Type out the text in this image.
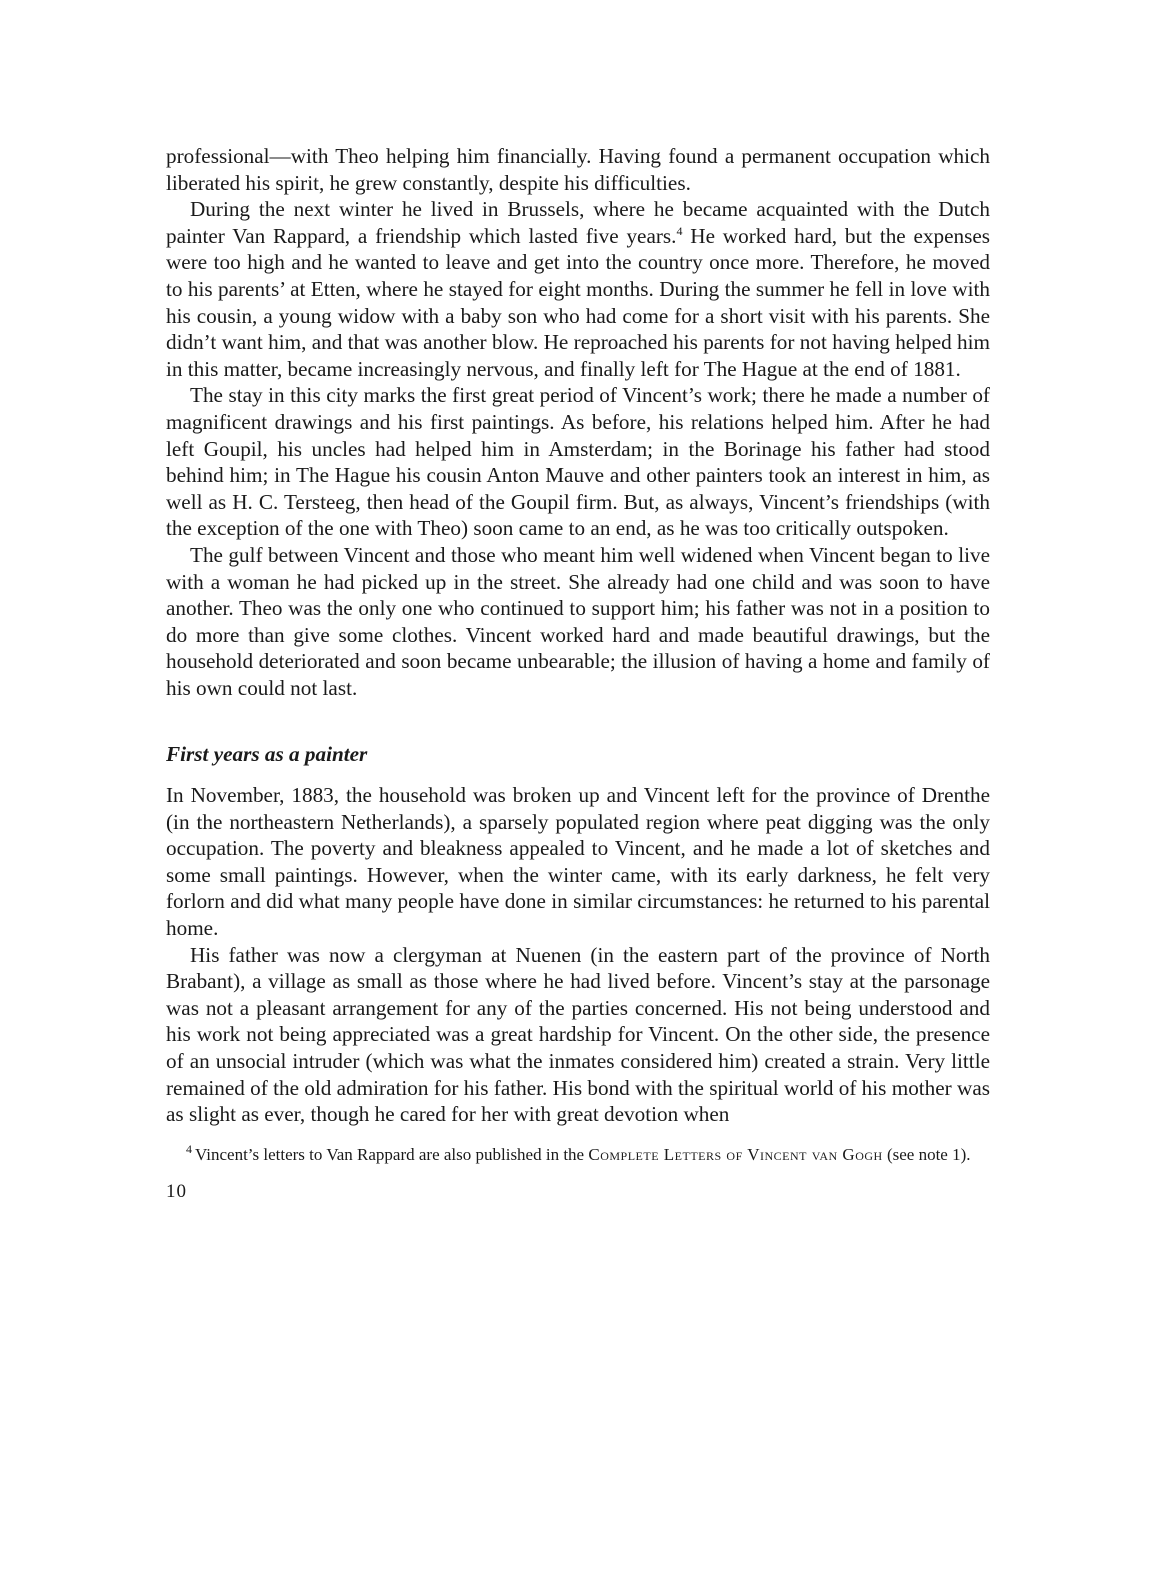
professional—with Theo helping him financially. Having found a permanent occupation which liberated his spirit, he grew constantly, despite his difficulties.

During the next winter he lived in Brussels, where he became acquainted with the Dutch painter Van Rappard, a friendship which lasted five years.$^4$ He worked hard, but the expenses were too high and he wanted to leave and get into the country once more. Therefore, he moved to his parents’ at Etten, where he stayed for eight months. During the summer he fell in love with his cousin, a young widow with a baby son who had come for a short visit with his parents. She didn’t want him, and that was another blow. He reproached his parents for not having helped him in this matter, became increasingly nervous, and finally left for The Hague at the end of 1881.

The stay in this city marks the first great period of Vincent’s work; there he made a number of magnificent drawings and his first paintings. As before, his relations helped him. After he had left Goupil, his uncles had helped him in Amsterdam; in the Borinage his father had stood behind him; in The Hague his cousin Anton Mauve and other painters took an interest in him, as well as H. C. Tersteeg, then head of the Goupil firm. But, as always, Vincent’s friendships (with the exception of the one with Theo) soon came to an end, as he was too critically outspoken.

The gulf between Vincent and those who meant him well widened when Vincent began to live with a woman he had picked up in the street. She already had one child and was soon to have another. Theo was the only one who continued to support him; his father was not in a position to do more than give some clothes. Vincent worked hard and made beautiful drawings, but the household deteriorated and soon became unbearable; the illusion of having a home and family of his own could not last.

First years as a painter

In November, 1883, the household was broken up and Vincent left for the province of Drenthe (in the northeastern Netherlands), a sparsely populated region where peat digging was the only occupation. The poverty and bleakness appealed to Vincent, and he made a lot of sketches and some small paintings. However, when the winter came, with its early darkness, he felt very forlorn and did what many people have done in similar circumstances: he returned to his parental home.

His father was now a clergyman at Nuenen (in the eastern part of the province of North Brabant), a village as small as those where he had lived before. Vincent’s stay at the parsonage was not a pleasant arrangement for any of the parties concerned. His not being understood and his work not being appreciated was a great hardship for Vincent. On the other side, the presence of an unsocial intruder (which was what the inmates considered him) created a strain. Very little remained of the old admiration for his father. His bond with the spiritual world of his mother was as slight as ever, though he cared for her with great devotion when

$^4$ Vincent’s letters to Van Rappard are also published in the Complete Letters of Vincent van Gogh (see note 1).

10
